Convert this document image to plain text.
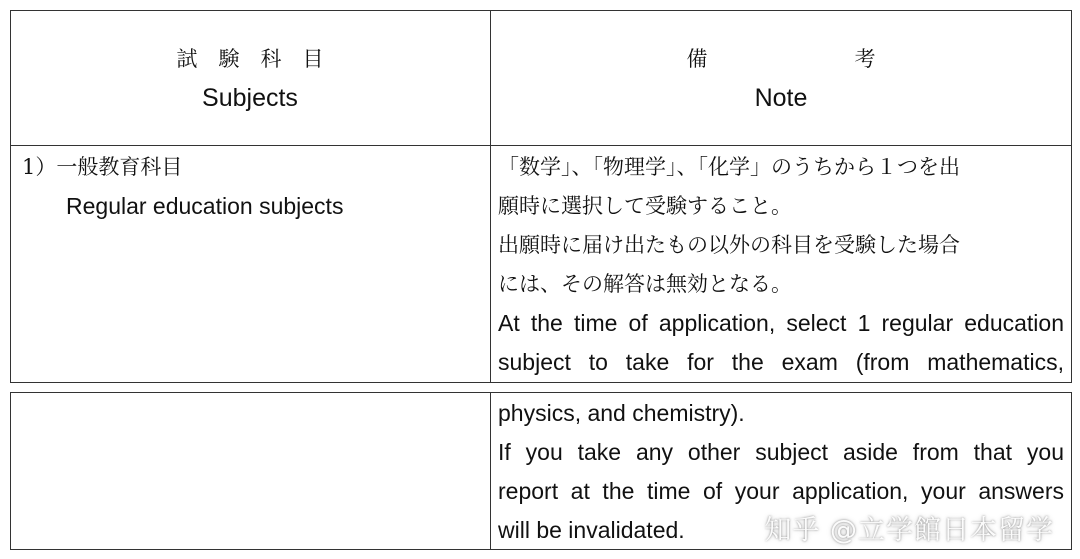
試　験　科　目
Subjects
備　　　　　　　考
Note
1）一般教育科目
Regular education subjects
「数学」、「物理学」、「化学」のうちから１つを出
願時に選択して受験すること。
出願時に届け出たもの以外の科目を受験した場合
には、その解答は無効となる。
At the time of application, select 1 regular education
subject to take for the exam (from mathematics,
physics, and chemistry).
If you take any other subject aside from that you
report at the time of your application, your answers
will be invalidated.	知乎 @立学館日本留学
